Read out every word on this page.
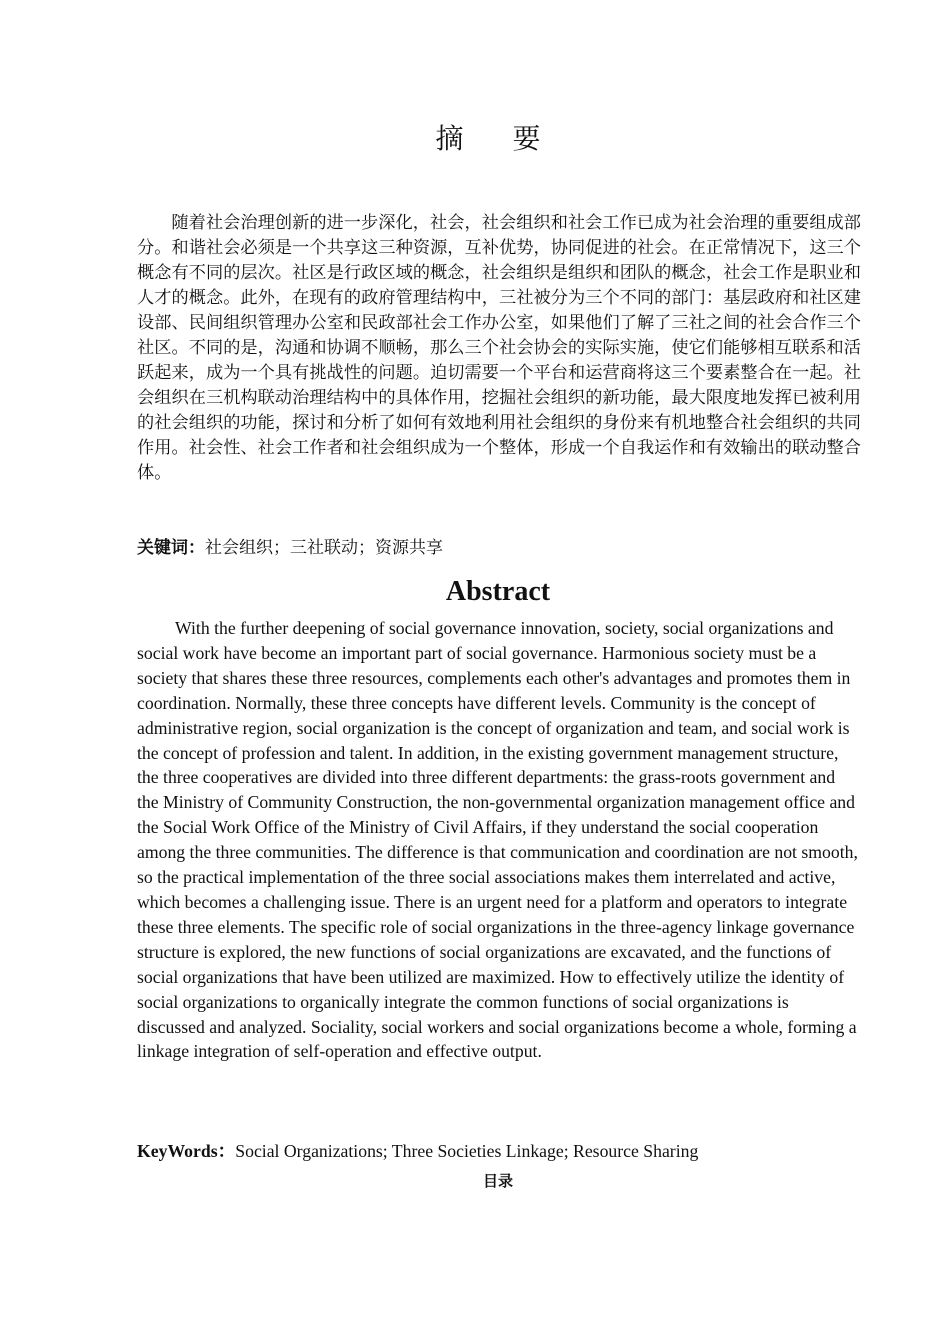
摘 要

随着社会治理创新的进一步深化，社会，社会组织和社会工作已成为社会治理的重要组成部分。和谐社会必须是一个共享这三种资源，互补优势，协同促进的社会。在正常情况下，这三个概念有不同的层次。社区是行政区域的概念，社会组织是组织和团队的概念，社会工作是职业和人才的概念。此外，在现有的政府管理结构中，三社被分为三个不同的部门：基层政府和社区建设部、民间组织管理办公室和民政部社会工作办公室，如果他们了解了三社之间的社会合作三个社区。不同的是，沟通和协调不顺畅，那么三个社会协会的实际实施，使它们能够相互联系和活跃起来，成为一个具有挑战性的问题。迫切需要一个平台和运营商将这三个要素整合在一起。社会组织在三机构联动治理结构中的具体作用，挖掘社会组织的新功能，最大限度地发挥已被利用的社会组织的功能，探讨和分析了如何有效地利用社会组织的身份来有机地整合社会组织的共同作用。社会性、社会工作者和社会组织成为一个整体，形成一个自我运作和有效输出的联动整合体。

关键词：社会组织；三社联动；资源共享

Abstract

With the further deepening of social governance innovation, society, social organizations and social work have become an important part of social governance. Harmonious society must be a society that shares these three resources, complements each other's advantages and promotes them in coordination. Normally, these three concepts have different levels. Community is the concept of administrative region, social organization is the concept of organization and team, and social work is the concept of profession and talent. In addition, in the existing government management structure, the three cooperatives are divided into three different departments: the grass-roots government and the Ministry of Community Construction, the non-governmental organization management office and the Social Work Office of the Ministry of Civil Affairs, if they understand the social cooperation among the three communities. The difference is that communication and coordination are not smooth, so the practical implementation of the three social associations makes them interrelated and active, which becomes a challenging issue. There is an urgent need for a platform and operators to integrate these three elements. The specific role of social organizations in the three-agency linkage governance structure is explored, the new functions of social organizations are excavated, and the functions of social organizations that have been utilized are maximized. How to effectively utilize the identity of social organizations to organically integrate the common functions of social organizations is discussed and analyzed. Sociality, social workers and social organizations become a whole, forming a linkage integration of self-operation and effective output.

KeyWords：Social Organizations; Three Societies Linkage; Resource Sharing

目录
